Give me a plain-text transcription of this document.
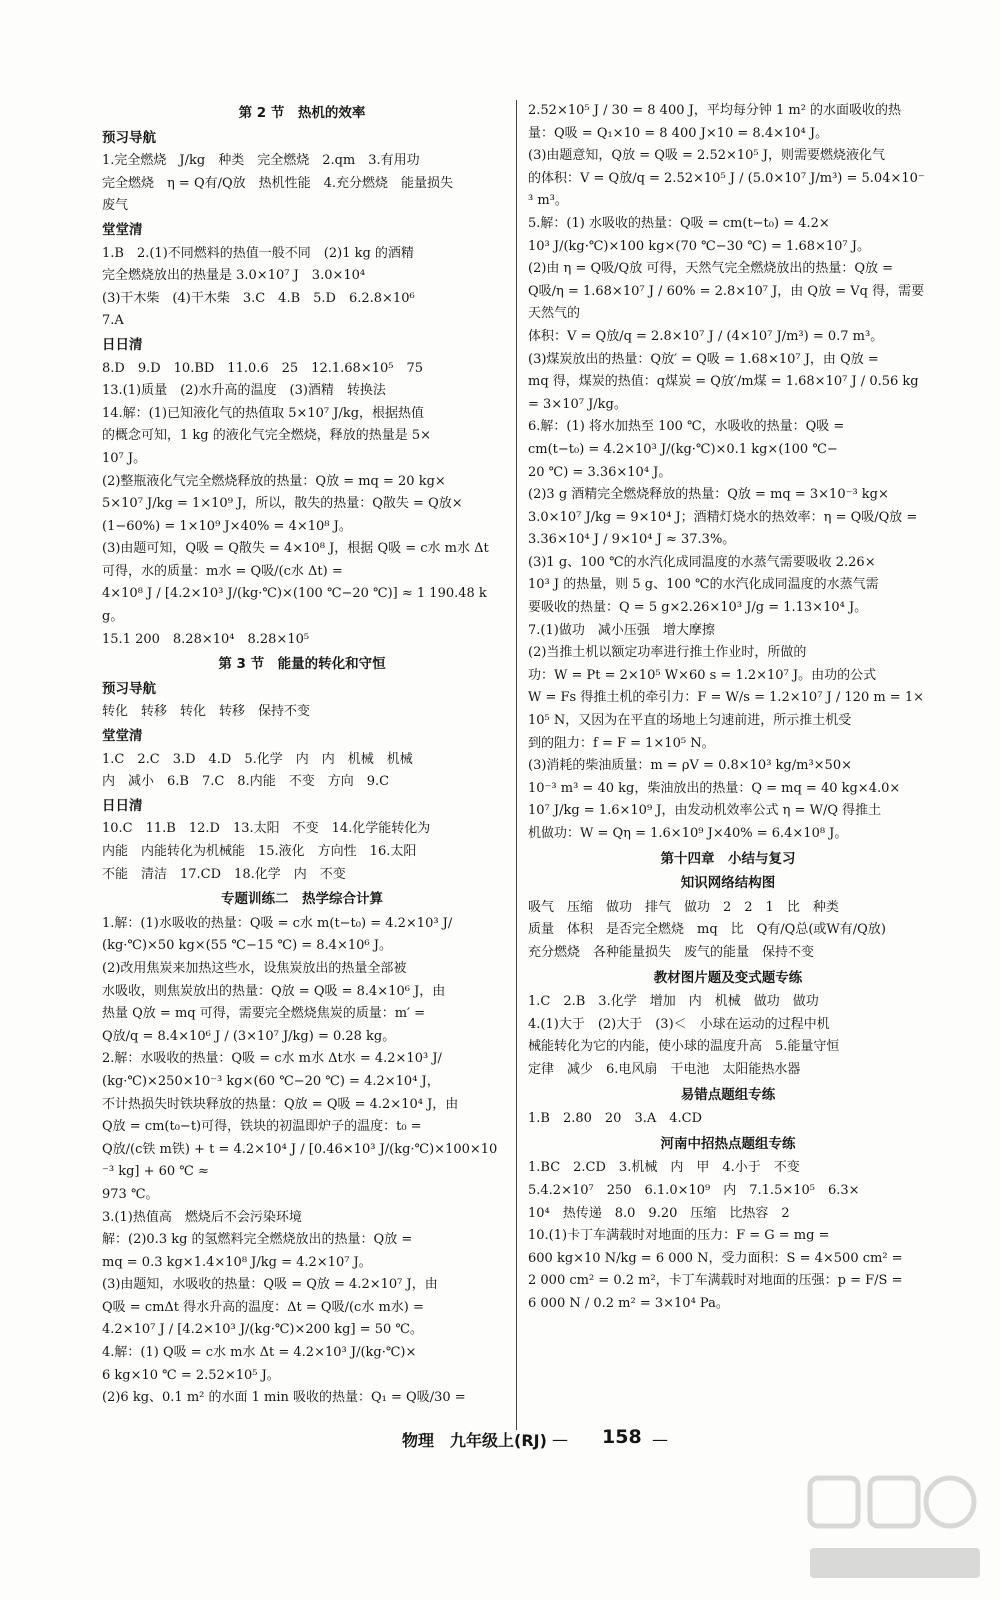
第 2 节　热机的效率
预习导航
1.完全燃烧　J/kg　种类　完全燃烧　2.qm　3.有用功
完全燃烧　η = Q有/Q放　热机性能　4.充分燃烧　能量损失
废气
堂堂清
1.B　2.(1)不同燃料的热值一般不同　(2)1 kg 的酒精
完全燃烧放出的热量是 3.0×10⁷ J　3.0×10⁴
(3)干木柴　(4)干木柴　3.C　4.B　5.D　6.2.8×10⁶
7.A
日日清
8.D　9.D　10.BD　11.0.6　25　12.1.68×10⁵　75
13.(1)质量　(2)水升高的温度　(3)酒精　转换法
14.解：(1)已知液化气的热值取 5×10⁷ J/kg，根据热值
的概念可知，1 kg 的液化气完全燃烧，释放的热量是 5×
10⁷ J。
(2)整瓶液化气完全燃烧释放的热量：Q放 = mq = 20 kg×
5×10⁷ J/kg = 1×10⁹ J，所以，散失的热量：Q散失 = Q放×
(1−60%) = 1×10⁹ J×40% = 4×10⁸ J。
(3)由题可知，Q吸 = Q散失 = 4×10⁸ J，根据 Q吸 = c水 m水 Δt
可得，水的质量：m水 = Q吸/(c水 Δt) =
4×10⁸ J / [4.2×10³ J/(kg·℃)×(100 ℃−20 ℃)] ≈ 1 190.48 kg。
15.1 200　8.28×10⁴　8.28×10⁵
第 3 节　能量的转化和守恒
预习导航
转化　转移　转化　转移　保持不变
堂堂清
1.C　2.C　3.D　4.D　5.化学　内　内　机械　机械
内　减小　6.B　7.C　8.内能　不变　方向　9.C
日日清
10.C　11.B　12.D　13.太阳　不变　14.化学能转化为
内能　内能转化为机械能　15.液化　方向性　16.太阳
不能　清洁　17.CD　18.化学　内　不变
专题训练二　热学综合计算
1.解：(1)水吸收的热量：Q吸 = c水 m(t−t₀) = 4.2×10³ J/
(kg·℃)×50 kg×(55 ℃−15 ℃) = 8.4×10⁶ J。
(2)改用焦炭来加热这些水，设焦炭放出的热量全部被
水吸收，则焦炭放出的热量：Q放 = Q吸 = 8.4×10⁶ J，由
热量 Q放 = mq 可得，需要完全燃烧焦炭的质量：m′ =
Q放/q = 8.4×10⁶ J / (3×10⁷ J/kg) = 0.28 kg。
2.解：水吸收的热量：Q吸 = c水 m水 Δt水 = 4.2×10³ J/
(kg·℃)×250×10⁻³ kg×(60 ℃−20 ℃) = 4.2×10⁴ J，
不计热损失时铁块释放的热量：Q放 = Q吸 = 4.2×10⁴ J，由
Q放 = cm(t₀−t)可得，铁块的初温即炉子的温度：t₀ =
Q放/(c铁 m铁) + t = 4.2×10⁴ J / [0.46×10³ J/(kg·℃)×100×10⁻³ kg] + 60 ℃ ≈
973 ℃。
3.(1)热值高　燃烧后不会污染环境
解：(2)0.3 kg 的氢燃料完全燃烧放出的热量：Q放 =
mq = 0.3 kg×1.4×10⁸ J/kg = 4.2×10⁷ J。
(3)由题知，水吸收的热量：Q吸 = Q放 = 4.2×10⁷ J，由
Q吸 = cmΔt 得水升高的温度：Δt = Q吸/(c水 m水) =
4.2×10⁷ J / [4.2×10³ J/(kg·℃)×200 kg] = 50 ℃。
4.解：(1) Q吸 = c水 m水 Δt = 4.2×10³ J/(kg·℃)×
6 kg×10 ℃ = 2.52×10⁵ J。
(2)6 kg、0.1 m² 的水面 1 min 吸收的热量：Q₁ = Q吸/30 =
2.52×10⁵ J / 30 = 8 400 J，平均每分钟 1 m² 的水面吸收的热
量：Q吸 = Q₁×10 = 8 400 J×10 = 8.4×10⁴ J。
(3)由题意知，Q放 = Q吸 = 2.52×10⁵ J，则需要燃烧液化气
的体积：V = Q放/q = 2.52×10⁵ J / (5.0×10⁷ J/m³) = 5.04×10⁻³ m³。
5.解：(1) 水吸收的热量：Q吸 = cm(t−t₀) = 4.2×
10³ J/(kg·℃)×100 kg×(70 ℃−30 ℃) = 1.68×10⁷ J。
(2)由 η = Q吸/Q放 可得，天然气完全燃烧放出的热量：Q放 =
Q吸/η = 1.68×10⁷ J / 60% = 2.8×10⁷ J，由 Q放 = Vq 得，需要天然气的
体积：V = Q放/q = 2.8×10⁷ J / (4×10⁷ J/m³) = 0.7 m³。
(3)煤炭放出的热量：Q放′ = Q吸 = 1.68×10⁷ J，由 Q放 =
mq 得，煤炭的热值：q煤炭 = Q放′/m煤 = 1.68×10⁷ J / 0.56 kg = 3×10⁷ J/kg。
6.解：(1) 将水加热至 100 ℃，水吸收的热量：Q吸 =
cm(t−t₀) = 4.2×10³ J/(kg·℃)×0.1 kg×(100 ℃−
20 ℃) = 3.36×10⁴ J。
(2)3 g 酒精完全燃烧释放的热量：Q放 = mq = 3×10⁻³ kg×
3.0×10⁷ J/kg = 9×10⁴ J；酒精灯烧水的热效率：η = Q吸/Q放 =
3.36×10⁴ J / 9×10⁴ J ≈ 37.3%。
(3)1 g、100 ℃的水汽化成同温度的水蒸气需要吸收 2.26×
10³ J 的热量，则 5 g、100 ℃的水汽化成同温度的水蒸气需
要吸收的热量：Q = 5 g×2.26×10³ J/g = 1.13×10⁴ J。
7.(1)做功　减小压强　增大摩擦
(2)当推土机以额定功率进行推土作业时，所做的
功：W = Pt = 2×10⁵ W×60 s = 1.2×10⁷ J。由功的公式
W = Fs 得推土机的牵引力：F = W/s = 1.2×10⁷ J / 120 m = 1×
10⁵ N，又因为在平直的场地上匀速前进，所示推土机受
到的阻力：f = F = 1×10⁵ N。
(3)消耗的柴油质量：m = ρV = 0.8×10³ kg/m³×50×
10⁻³ m³ = 40 kg，柴油放出的热量：Q = mq = 40 kg×4.0×
10⁷ J/kg = 1.6×10⁹ J，由发动机效率公式 η = W/Q 得推土
机做功：W = Qη = 1.6×10⁹ J×40% = 6.4×10⁸ J。
第十四章　小结与复习
知识网络结构图
吸气　压缩　做功　排气　做功　2　2　1　比　种类
质量　体积　是否完全燃烧　mq　比　Q有/Q总(或W有/Q放)
充分燃烧　各种能量损失　废气的能量　保持不变
教材图片题及变式题专练
1.C　2.B　3.化学　增加　内　机械　做功　做功
4.(1)大于　(2)大于　(3)＜　小球在运动的过程中机
械能转化为它的内能，使小球的温度升高　5.能量守恒
定律　减少　6.电风扇　干电池　太阳能热水器
易错点题组专练
1.B　2.80　20　3.A　4.CD
河南中招热点题组专练
1.BC　2.CD　3.机械　内　甲　4.小于　不变
5.4.2×10⁷　250　6.1.0×10⁹　内　7.1.5×10⁵　6.3×
10⁴　热传递　8.0　9.20　压缩　比热容　2
10.(1)卡丁车满载时对地面的压力：F = G = mg =
600 kg×10 N/kg = 6 000 N，受力面积：S = 4×500 cm² =
2 000 cm² = 0.2 m²，卡丁车满载时对地面的压强：p = F/S =
6 000 N / 0.2 m² = 3×10⁴ Pa。
物理　九年级上(RJ) — 158 —
